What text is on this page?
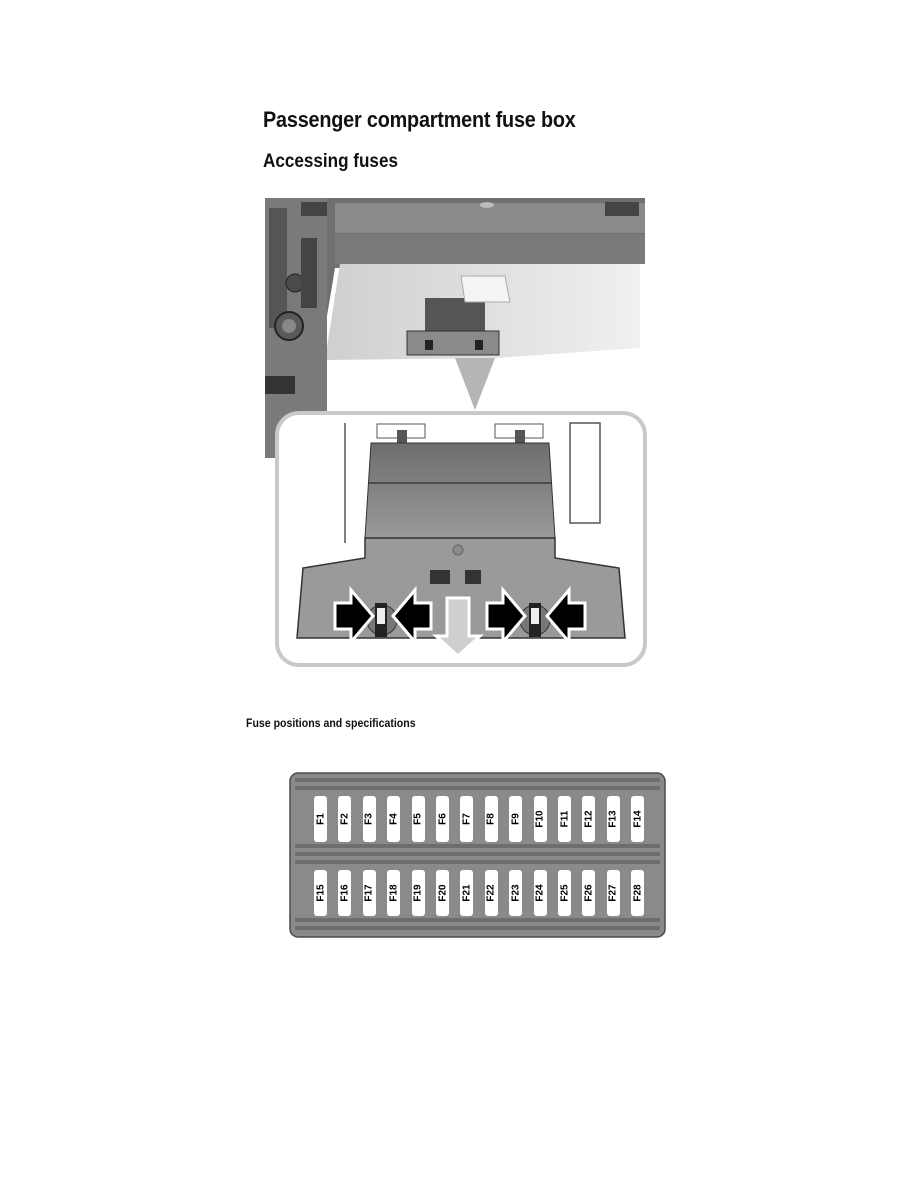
Passenger compartment fuse box
Accessing fuses
Fuse positions and specifications
F1 F2 F3 F4 F5 F6 F7 F8 F9 F10 F11 F12 F13 F14
F15 F16 F17 F18 F19 F20 F21 F22 F23 F24 F25 F26 F27 F28
